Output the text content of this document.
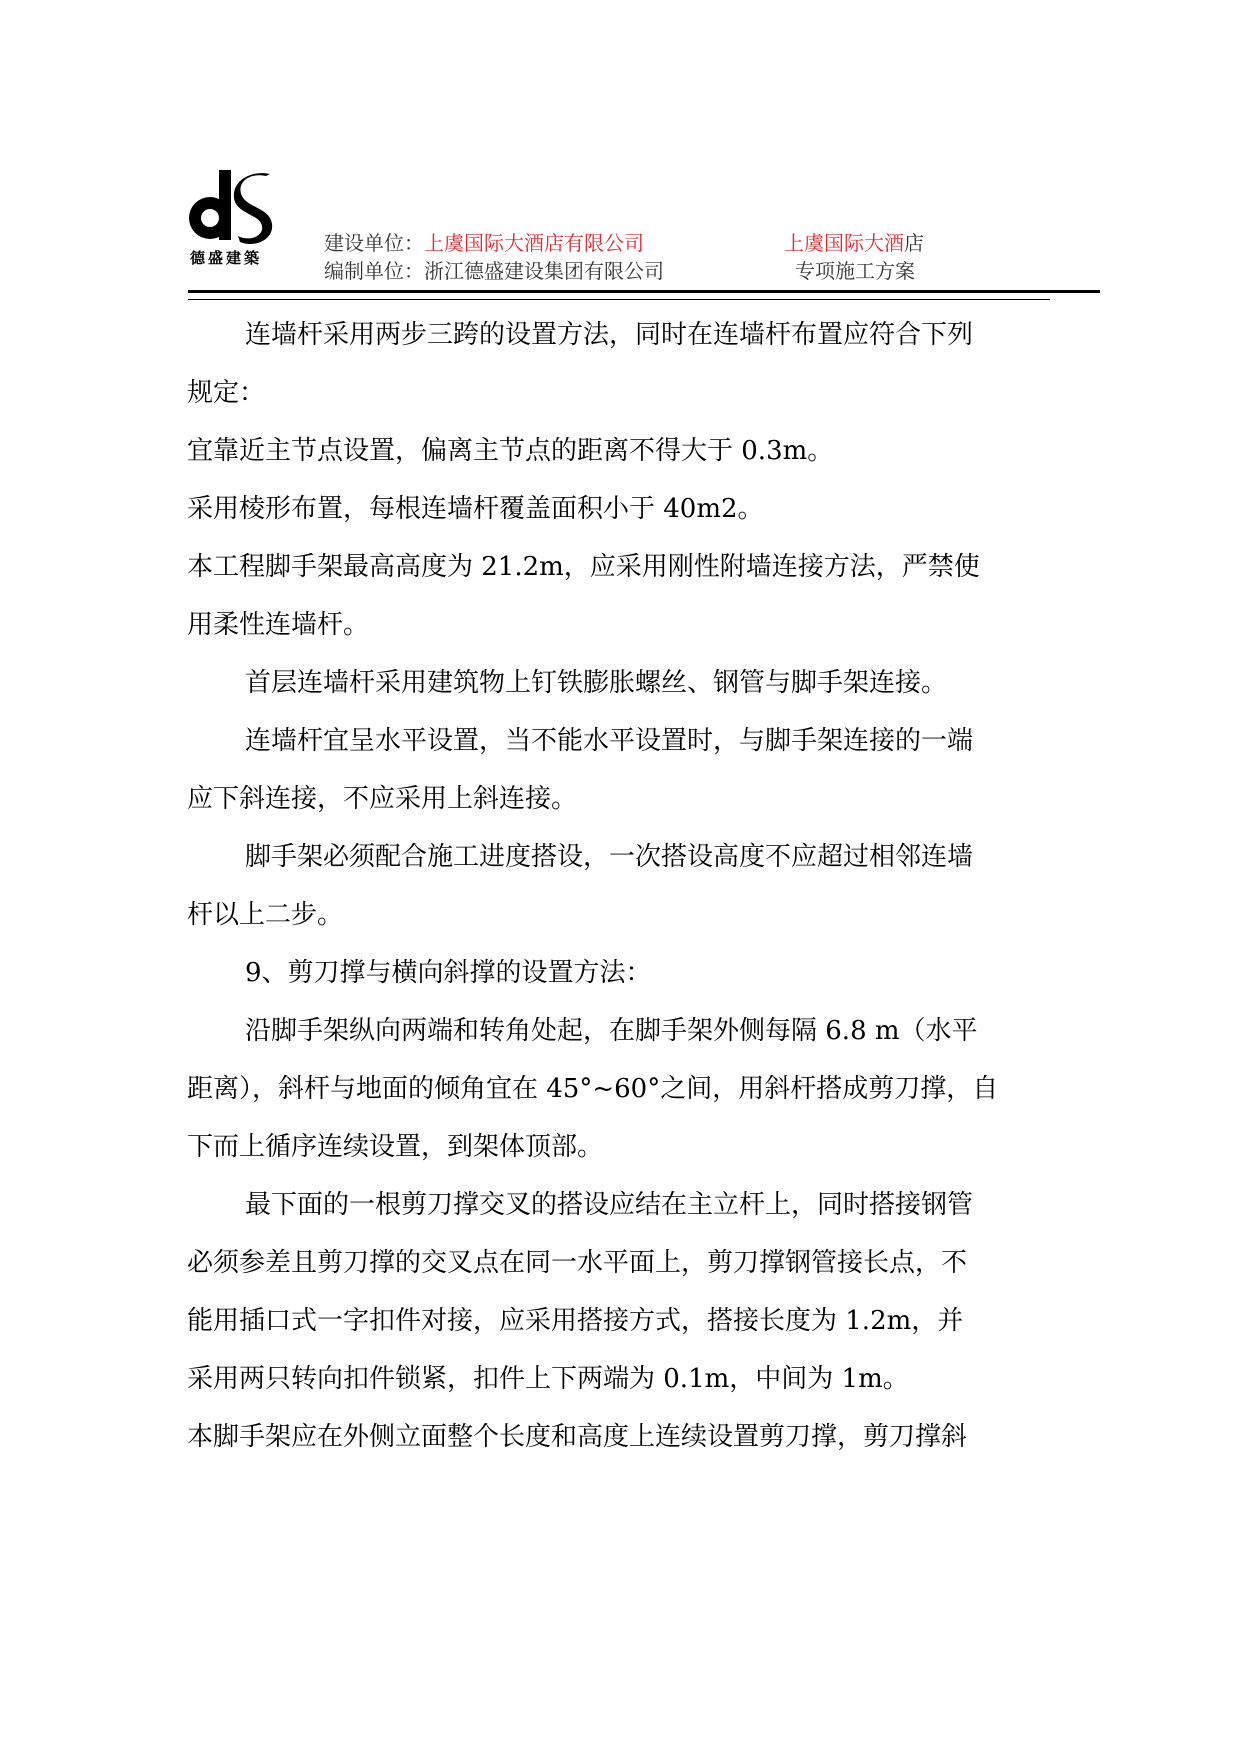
德盛建築
建设单位：上虞国际大酒店有限公司
编制单位：浙江德盛建设集团有限公司
上虞国际大酒店
专项施工方案
连墙杆采用两步三跨的设置方法，同时在连墙杆布置应符合下列
规定：
宜靠近主节点设置，偏离主节点的距离不得大于 0.3m。
采用棱形布置，每根连墙杆覆盖面积小于 40m2。
本工程脚手架最高高度为 21.2m，应采用刚性附墙连接方法，严禁使
用柔性连墙杆。
首层连墙杆采用建筑物上钉铁膨胀螺丝、钢管与脚手架连接。
连墙杆宜呈水平设置，当不能水平设置时，与脚手架连接的一端
应下斜连接，不应采用上斜连接。
脚手架必须配合施工进度搭设，一次搭设高度不应超过相邻连墙
杆以上二步。
9、剪刀撑与横向斜撑的设置方法：
沿脚手架纵向两端和转角处起，在脚手架外侧每隔 6.8 m（水平
距离），斜杆与地面的倾角宜在 45°~60°之间，用斜杆搭成剪刀撑，自
下而上循序连续设置，到架体顶部。
最下面的一根剪刀撑交叉的搭设应结在主立杆上，同时搭接钢管
必须参差且剪刀撑的交叉点在同一水平面上，剪刀撑钢管接长点，不
能用插口式一字扣件对接，应采用搭接方式，搭接长度为 1.2m，并
采用两只转向扣件锁紧，扣件上下两端为 0.1m，中间为 1m。
本脚手架应在外侧立面整个长度和高度上连续设置剪刀撑，剪刀撑斜
